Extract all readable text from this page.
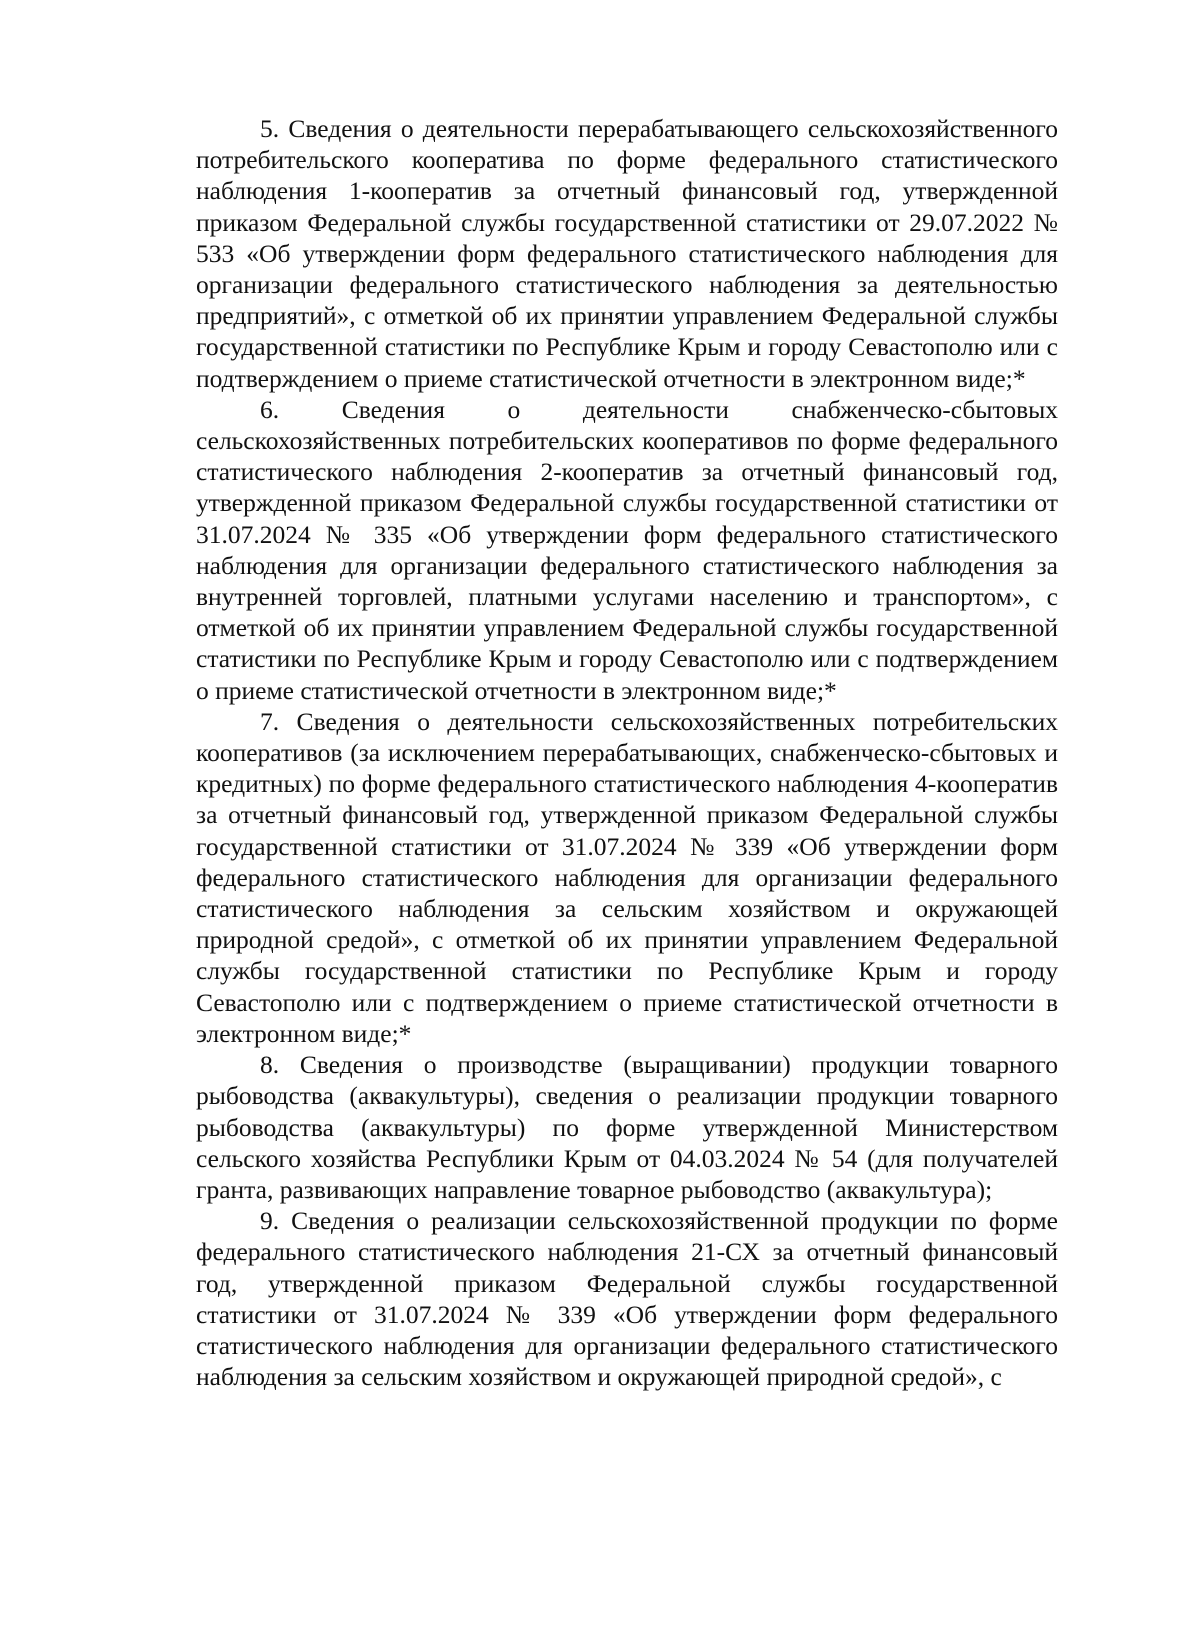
5. Сведения о деятельности перерабатывающего сельскохозяйственного потребительского кооператива по форме федерального статистического наблюдения 1-кооператив за отчетный финансовый год, утвержденной приказом Федеральной службы государственной статистики от 29.07.2022 № 533 «Об утверждении форм федерального статистического наблюдения для организации федерального статистического наблюдения за деятельностью предприятий», с отметкой об их принятии управлением Федеральной службы государственной статистики по Республике Крым и городу Севастополю или с подтверждением о приеме статистической отчетности в электронном виде;*

6. Сведения о деятельности снабженческо-сбытовых сельскохозяйственных потребительских кооперативов по форме федерального статистического наблюдения 2-кооператив за отчетный финансовый год, утвержденной приказом Федеральной службы государственной статистики от 31.07.2024 № 335 «Об утверждении форм федерального статистического наблюдения для организации федерального статистического наблюдения за внутренней торговлей, платными услугами населению и транспортом», с отметкой об их принятии управлением Федеральной службы государственной статистики по Республике Крым и городу Севастополю или с подтверждением о приеме статистической отчетности в электронном виде;*

7. Сведения о деятельности сельскохозяйственных потребительских кооперативов (за исключением перерабатывающих, снабженческо-сбытовых и кредитных) по форме федерального статистического наблюдения 4-кооператив за отчетный финансовый год, утвержденной приказом Федеральной службы государственной статистики от 31.07.2024 № 339 «Об утверждении форм федерального статистического наблюдения для организации федерального статистического наблюдения за сельским хозяйством и окружающей природной средой», с отметкой об их принятии управлением Федеральной службы государственной статистики по Республике Крым и городу Севастополю или с подтверждением о приеме статистической отчетности в электронном виде;*

8. Сведения о производстве (выращивании) продукции товарного рыбоводства (аквакультуры), сведения о реализации продукции товарного рыбоводства (аквакультуры) по форме утвержденной Министерством сельского хозяйства Республики Крым от 04.03.2024 № 54 (для получателей гранта, развивающих направление товарное рыбоводство (аквакультура);

9. Сведения о реализации сельскохозяйственной продукции по форме федерального статистического наблюдения 21-СХ за отчетный финансовый год, утвержденной приказом Федеральной службы государственной статистики от 31.07.2024 № 339 «Об утверждении форм федерального статистического наблюдения для организации федерального статистического наблюдения за сельским хозяйством и окружающей природной средой», с
